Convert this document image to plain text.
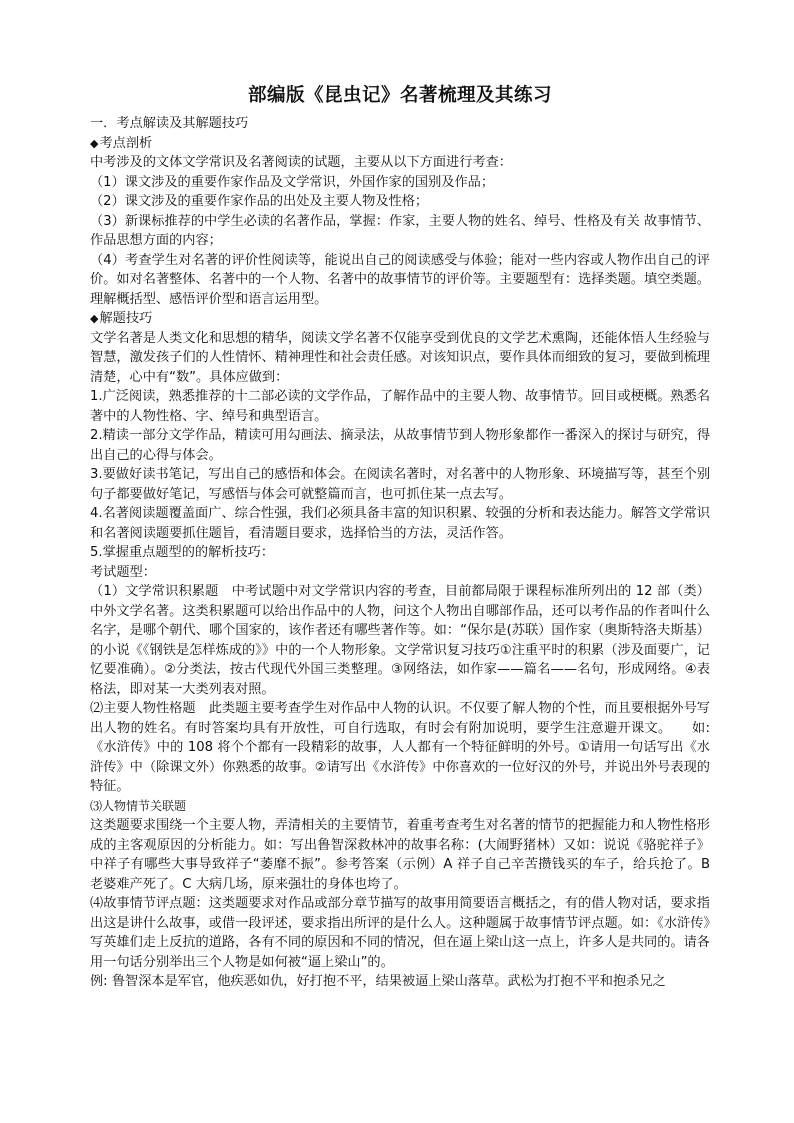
部编版《昆虫记》名著梳理及其练习

一．考点解读及其解题技巧

◆考点剖析

中考涉及的文体文学常识及名著阅读的试题，主要从以下方面进行考查：

（1）课文涉及的重要作家作品及文学常识，外国作家的国别及作品；

（2）课文涉及的重要作家作品的出处及主要人物及性格；

（3）新课标推荐的中学生必读的名著作品，掌握：作家，主要人物的姓名、绰号、性格及有关 故事情节、作品思想方面的内容；

（4）考查学生对名著的评价性阅读等，能说出自己的阅读感受与体验；能对一些内容或人物作出自己的评价。如对名著整体、名著中的一个人物、名著中的故事情节的评价等。主要题型有：选择类题。填空类题。理解概括型、感悟评价型和语言运用型。

◆解题技巧

文学名著是人类文化和思想的精华，阅读文学名著不仅能享受到优良的文学艺术熏陶，还能体悟人生经验与智慧，激发孩子们的人性情怀、精神理性和社会责任感。对该知识点，要作具体而细致的复习，要做到梳理清楚，心中有“数”。具体应做到：

1.广泛阅读，熟悉推荐的十二部必读的文学作品，了解作品中的主要人物、故事情节。回目或梗概。熟悉名著中的人物性格、字、绰号和典型语言。

2.精读一部分文学作品，精读可用勾画法、摘录法，从故事情节到人物形象都作一番深入的探讨与研究，得出自己的心得与体会。

3.要做好读书笔记，写出自己的感悟和体会。在阅读名著时，对名著中的人物形象、环境描写等，甚至个别句子都要做好笔记，写感悟与体会可就整篇而言，也可抓住某一点去写。

4.名著阅读题覆盖面广、综合性强，我们必须具备丰富的知识积累、较强的分析和表达能力。解答文学常识和名著阅读题要抓住题旨，看清题目要求，选择恰当的方法，灵活作答。

5.掌握重点题型的的解析技巧：

考试题型：

（1）文学常识积累题　中考试题中对文学常识内容的考查，目前都局限于课程标准所列出的 12 部（类）中外文学名著。这类积累题可以给出作品中的人物，问这个人物出自哪部作品，还可以考作品的作者叫什么名字，是哪个朝代、哪个国家的，该作者还有哪些著作等。如：“保尔是(苏联）国作家（奥斯特洛夫斯基）的小说《《钢铁是怎样炼成的》》中的一个人物形象。文学常识复习技巧①注重平时的积累（涉及面要广，记忆要准确）。②分类法，按古代现代外国三类整理。③网络法，如作家——篇名——名句，形成网络。④表格法，即对某一大类列表对照。

⑵主要人物性格题　此类题主要考查学生对作品中人物的认识。不仅要了解人物的个性，而且要根据外号写出人物的姓名。有时答案均具有开放性，可自行选取，有时会有附加说明，要学生注意避开课文。　　如:《水浒传》中的 108 将个个都有一段精彩的故事，人人都有一个特征鲜明的外号。①请用一句话写出《水浒传》中（除课文外）你熟悉的故事。②请写出《水浒传》中你喜欢的一位好汉的外号，并说出外号表现的特征。

⑶人物情节关联题

这类题要求围绕一个主要人物，弄清相关的主要情节，着重考查考生对名著的情节的把握能力和人物性格形成的主客观原因的分析能力。如：写出鲁智深救林冲的故事名称：(大闹野猪林）又如：说说《骆驼祥子》中祥子有哪些大事导致祥子“萎靡不振”。参考答案（示例）A 祥子自己辛苦攒钱买的车子，给兵抢了。B 老婆难产死了。C 大病几场，原来强壮的身体也垮了。

⑷故事情节评点题：这类题要求对作品或部分章节描写的故事用简要语言概括之，有的借人物对话，要求指出这是讲什么故事，或借一段评述，要求指出所评的是什么人。这种题属于故事情节评点题。如：《水浒传》写英雄们走上反抗的道路，各有不同的原因和不同的情况，但在逼上梁山这一点上，许多人是共同的。请各用一句话分别举出三个人物是如何被“逼上梁山”的。

例: 鲁智深本是军官，他疾恶如仇，好打抱不平，结果被逼上梁山落草。武松为打抱不平和抱杀兄之
